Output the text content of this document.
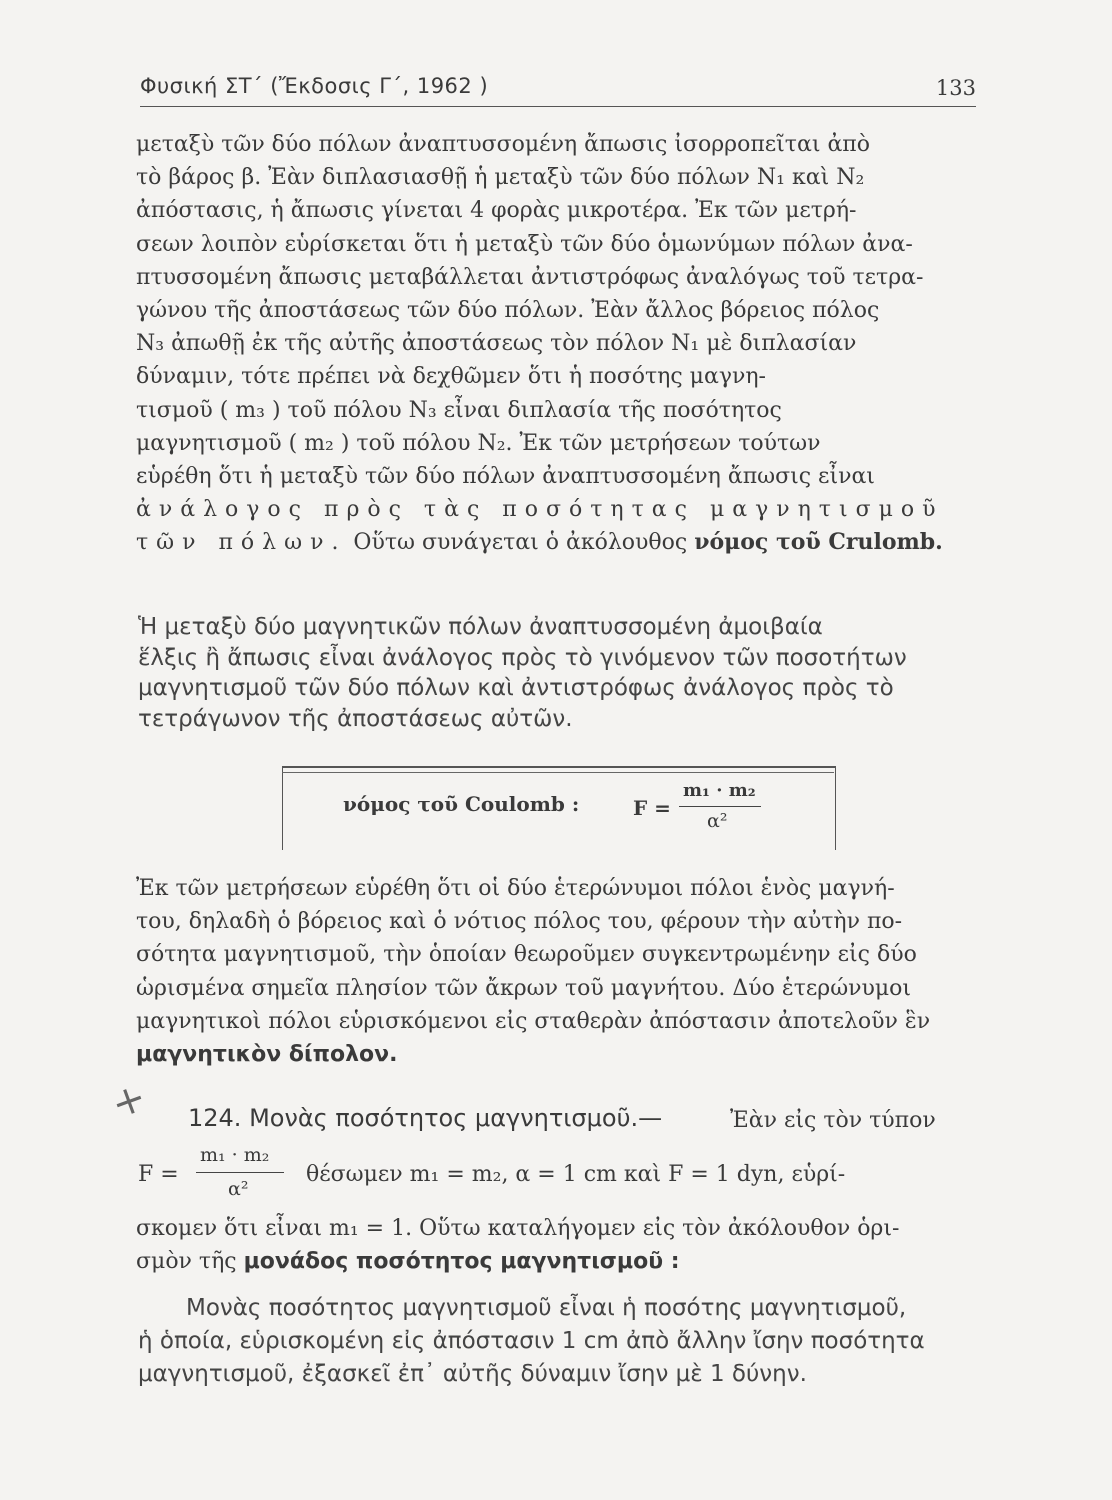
Φυσική ΣΤ΄ (Ἔκδοσις Γ΄, 1962 )	133
μεταξὺ τῶν δύο πόλων ἀναπτυσσομένη ἄπωσις ἰσορροπεῖται ἀπὸ
τὸ βάρος β. Ἐὰν διπλασιασθῇ ἡ μεταξὺ τῶν δύο πόλων N₁ καὶ N₂
ἀπόστασις, ἡ ἄπωσις γίνεται 4 φορὰς μικροτέρα. Ἐκ τῶν μετρή-
σεων λοιπὸν εὑρίσκεται ὅτι ἡ μεταξὺ τῶν δύο ὁμωνύμων πόλων ἀνα-
πτυσσομένη ἄπωσις μεταβάλλεται ἀντιστρόφως ἀναλόγως τοῦ τετρα-
γώνου τῆς ἀποστάσεως τῶν δύο πόλων. Ἐὰν ἄλλος βόρειος πόλος
N₃ ἀπωθῇ ἐκ τῆς αὐτῆς ἀποστάσεως τὸν πόλον N₁ μὲ διπλασίαν
δύναμιν, τότε πρέπει νὰ δεχθῶμεν ὅτι ἡ ποσότης μαγνη-
τισμοῦ ( m₃ ) τοῦ πόλου N₃ εἶναι διπλασία τῆς ποσότητος
μαγνητισμοῦ ( m₂ ) τοῦ πόλου N₂. Ἐκ τῶν μετρήσεων τούτων
εὑρέθη ὅτι ἡ μεταξὺ τῶν δύο πόλων ἀναπτυσσομένη ἄπωσις εἶναι
ἀνάλογος πρὸς τὰς ποσότητας μαγνητισμοῦ
τῶν πόλων. Οὕτω συνάγεται ὁ ἀκόλουθος νόμος τοῦ Crulomb.
Ἡ μεταξὺ δύο μαγνητικῶν πόλων ἀναπτυσσομένη ἀμοιβαία
ἕλξις ἢ ἄπωσις εἶναι ἀνάλογος πρὸς τὸ γινόμενον τῶν ποσοτήτων
μαγνητισμοῦ τῶν δύο πόλων καὶ ἀντιστρόφως ἀνάλογος πρὸς τὸ
τετράγωνον τῆς ἀποστάσεως αὐτῶν.
νόμος τοῦ Coulomb :	F =
m₁ · m₂
α²
Ἐκ τῶν μετρήσεων εὑρέθη ὅτι οἱ δύο ἑτερώνυμοι πόλοι ἑνὸς μαγνή-
του, δηλαδὴ ὁ βόρειος καὶ ὁ νότιος πόλος του, φέρουν τὴν αὐτὴν πο-
σότητα μαγνητισμοῦ, τὴν ὁποίαν θεωροῦμεν συγκεντρωμένην εἰς δύο
ὡρισμένα σημεῖα πλησίον τῶν ἄκρων τοῦ μαγνήτου. Δύο ἑτερώνυμοι
μαγνητικοὶ πόλοι εὑρισκόμενοι εἰς σταθερὰν ἀπόστασιν ἀποτελοῦν ἓν
μαγνητικὸν δίπολον.
+ 124. Μονὰς ποσότητος μαγνητισμοῦ.—	Ἐὰν εἰς τὸν τύπον
F =
m₁ · m₂
α²
θέσωμεν m₁ = m₂, α = 1 cm καὶ F = 1 dyn, εὑρί-
σκομεν ὅτι εἶναι m₁ = 1. Οὕτω καταλήγομεν εἰς τὸν ἀκόλουθον ὁρι-
σμὸν τῆς μονάδος ποσότητος μαγνητισμοῦ :
Μονὰς ποσότητος μαγνητισμοῦ εἶναι ἡ ποσότης μαγνητισμοῦ,
ἡ ὁποία, εὑρισκομένη εἰς ἀπόστασιν 1 cm ἀπὸ ἄλλην ἴσην ποσότητα
μαγνητισμοῦ, ἐξασκεῖ ἐπ᾽ αὐτῆς δύναμιν ἴσην μὲ 1 δύνην.
